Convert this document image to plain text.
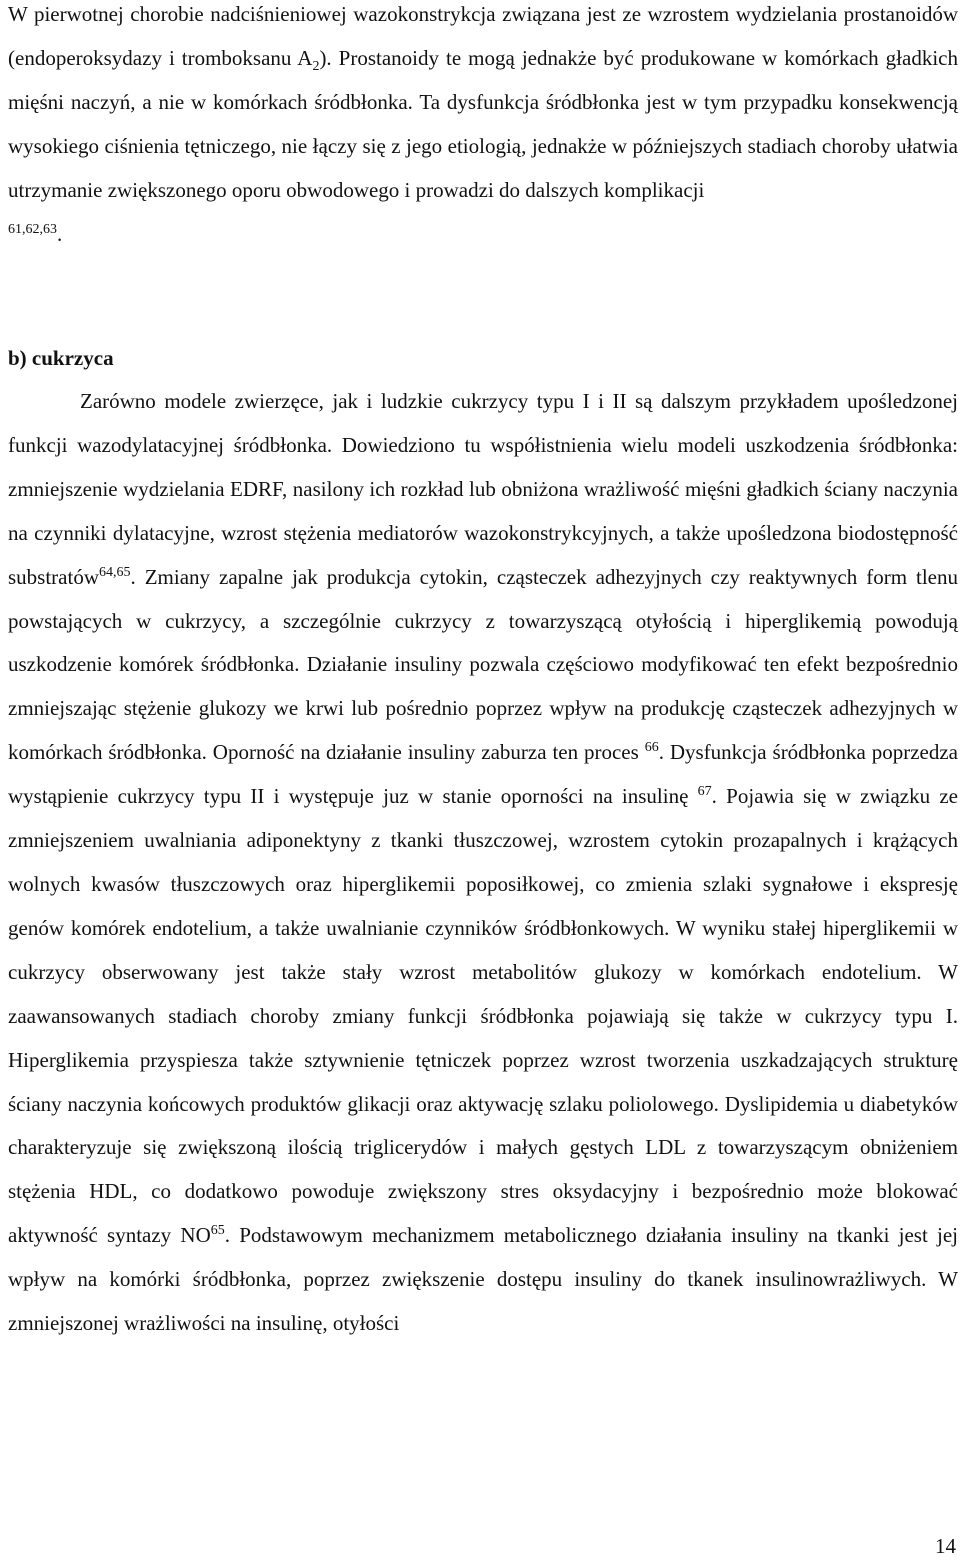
W pierwotnej chorobie nadciśnieniowej wazokonstrykcja związana jest ze wzrostem wydzielania prostanoidów (endoperoksydazy i tromboksanu $A_2$). Prostanoidy te mogą jednakże być produkowane w komórkach gładkich mięśni naczyń, a nie w komórkach śródbłonka. Ta dysfunkcja śródbłonka jest w tym przypadku konsekwencją wysokiego ciśnienia tętniczego, nie łączy się z jego etiologią, jednakże w późniejszych stadiach choroby ułatwia utrzymanie zwiększonego oporu obwodowego i prowadzi do dalszych komplikacji
$^{61,62,63}$.

b) cukrzyca

Zarówno modele zwierzęce, jak i ludzkie cukrzycy typu I i II są dalszym przykładem upośledzonej funkcji wazodylatacyjnej śródbłonka. Dowiedziono tu współistnienia wielu modeli uszkodzenia śródbłonka: zmniejszenie wydzielania EDRF, nasilony ich rozkład lub obniżona wrażliwość mięśni gładkich ściany naczynia na czynniki dylatacyjne, wzrost stężenia mediatorów wazokonstrykcyjnych, a także upośledzona biodostępność substratów$^{64,65}$. Zmiany zapalne jak produkcja cytokin, cząsteczek adhezyjnych czy reaktywnych form tlenu powstających w cukrzycy, a szczególnie cukrzycy z towarzyszącą otyłością i hiperglikemią powodują uszkodzenie komórek śródbłonka. Działanie insuliny pozwala częściowo modyfikować ten efekt bezpośrednio zmniejszając stężenie glukozy we krwi lub pośrednio poprzez wpływ na produkcję cząsteczek adhezyjnych w komórkach śródbłonka. Oporność na działanie insuliny zaburza ten proces $^{66}$. Dysfunkcja śródbłonka poprzedza wystąpienie cukrzycy typu II i występuje juz w stanie oporności na insulinę $^{67}$. Pojawia się w związku ze zmniejszeniem uwalniania adiponektyny z tkanki tłuszczowej, wzrostem cytokin prozapalnych i krążących wolnych kwasów tłuszczowych oraz hiperglikemii poposiłkowej, co zmienia szlaki sygnałowe i ekspresję genów komórek endotelium, a także uwalnianie czynników śródbłonkowych. W wyniku stałej hiperglikemii w cukrzycy obserwowany jest także stały wzrost metabolitów glukozy w komórkach endotelium. W zaawansowanych stadiach choroby zmiany funkcji śródbłonka pojawiają się także w cukrzycy typu I. Hiperglikemia przyspiesza także sztywnienie tętniczek poprzez wzrost tworzenia uszkadzających strukturę ściany naczynia końcowych produktów glikacji oraz aktywację szlaku poliolowego. Dyslipidemia u diabetyków charakteryzuje się zwiększoną ilością triglicerydów i małych gęstych LDL z towarzyszącym obniżeniem stężenia HDL, co dodatkowo powoduje zwiększony stres oksydacyjny i bezpośrednio może blokować aktywność syntazy NO$^{65}$. Podstawowym mechanizmem metabolicznego działania insuliny na tkanki jest jej wpływ na komórki śródbłonka, poprzez zwiększenie dostępu insuliny do tkanek insulinowrażliwych. W zmniejszonej wrażliwości na insulinę, otyłości

14
